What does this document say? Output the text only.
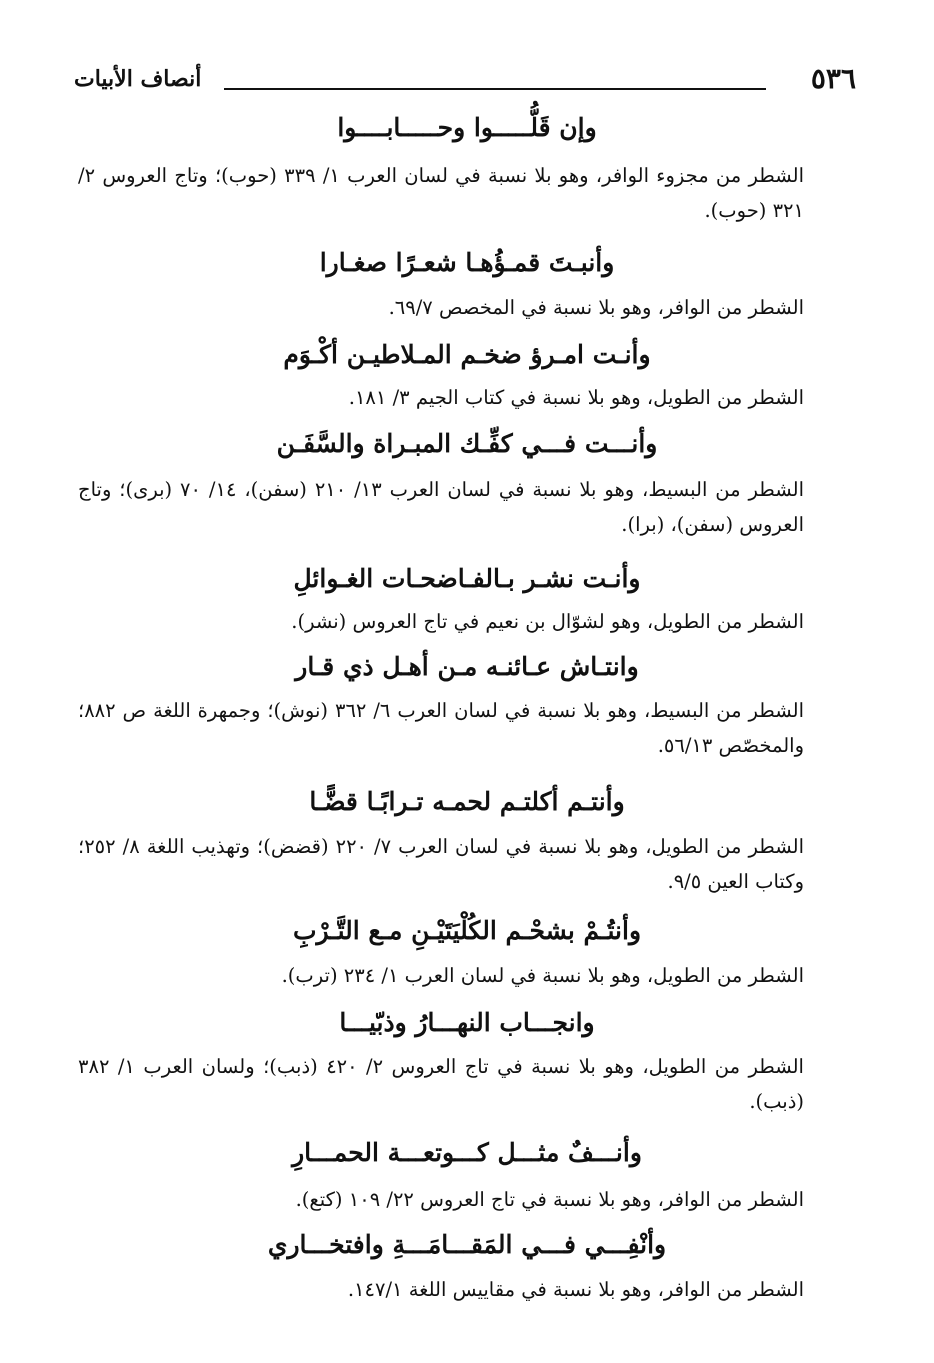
٥٣٦
أنصاف الأبيات
وإن قَلُّـــــوا وحـــــابــــوا
الشطر من مجزوء الوافر، وهو بلا نسبة في لسان العرب ١/ ٣٣٩ (حوب)؛ وتاج العروس ٢/ ٣٢١ (حوب).
وأنبـتَ قمـؤُهـا شعـرًا صغـارا
الشطر من الوافر، وهو بلا نسبة في المخصص ٦٩/٧.
وأنـت امـرؤ ضخـم المـلاطيـن أكْـوَم
الشطر من الطويل، وهو بلا نسبة في كتاب الجيم ٣/ ١٨١.
وأنـــت فـــي كفِّـك المبـراة والسَّفَـن
الشطر من البسيط، وهو بلا نسبة في لسان العرب ١٣/ ٢١٠ (سفن)، ١٤/ ٧٠ (برى)؛ وتاج العروس (سفن)، (برا).
وأنـت نشـر بـالفـاضحـات الغـوائلِ
الشطر من الطويل، وهو لشوّال بن نعيم في تاج العروس (نشر).
وانتـاش عـائنـه مـن أهـل ذي قـار
الشطر من البسيط، وهو بلا نسبة في لسان العرب ٦/ ٣٦٢ (نوش)؛ وجمهرة اللغة ص ٨٨٢؛ والمخصّص ٥٦/١٣.
وأنتـم أكلتـم لحمـه تـرابًـا قضًّـا
الشطر من الطويل، وهو بلا نسبة في لسان العرب ٧/ ٢٢٠ (قضض)؛ وتهذيب اللغة ٨/ ٢٥٢؛ وكتاب العين ٩/٥.
وأنتُـمْ بشحْـم الكُلْيَتَيْـنِ مـع التَّـرْبِ
الشطر من الطويل، وهو بلا نسبة في لسان العرب ١/ ٢٣٤ (ترب).
وانجـــاب النهـــارُ وذبّيـــا
الشطر من الطويل، وهو بلا نسبة في تاج العروس ٢/ ٤٢٠ (ذبب)؛ ولسان العرب ١/ ٣٨٢ (ذبب).
وأنـــفٌ مثـــل كـــوتعـــة الحمـــارِ
الشطر من الوافر، وهو بلا نسبة في تاج العروس ٢٢/ ١٠٩ (كتع).
وأنْفِـــي فـــي المَقـــامَـــةِ وافتخـــاري
الشطر من الوافر، وهو بلا نسبة في مقاييس اللغة ١٤٧/١.
